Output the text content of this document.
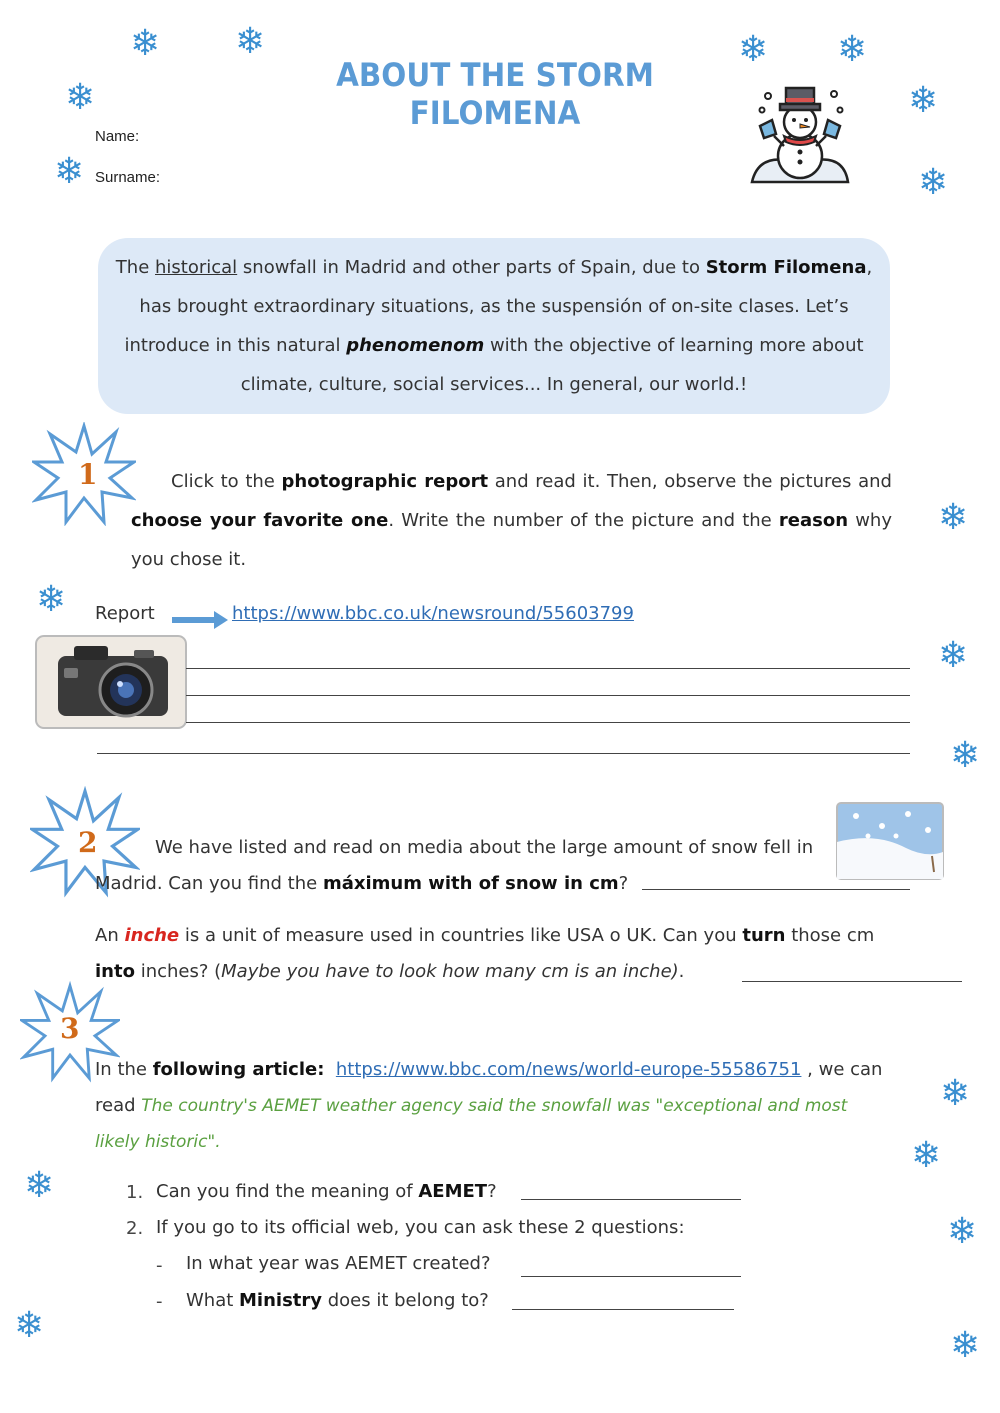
❄ ❄
❄
❄
❄ ❄
❄
❄
❄
❄
❄
❄
❄
❄
❄
❄
❄	❄
ABOUT THE STORM FILOMENA
Name:
Surname:
The historical snowfall in Madrid and other parts of Spain, due to Storm Filomena, has brought extraordinary situations, as the suspensión of on-site clases. Let’s introduce in this natural phenomenom with the objective of learning more about climate, culture, social services... In general, our world.!
1	Click to the photographic report and read it. Then, observe the pictures and choose your favorite one. Write the number of the picture and the reason why you chose it.
Report	https://www.bbc.co.uk/newsround/55603799
2	We have listed and read on media about the large amount of snow fell in Madrid. Can you find the máximum with of snow in cm?
An inche is a unit of measure used in countries like USA o UK. Can you turn those cm into inches? (Maybe you have to look how many cm is an inche).
3
In the following article: https://www.bbc.com/news/world-europe-55586751 , we can read The country's AEMET weather agency said the snowfall was "exceptional and most likely historic".
1. Can you find the meaning of AEMET?
2. If you go to its official web, you can ask these 2 questions:
- In what year was AEMET created?
- What Ministry does it belong to?
